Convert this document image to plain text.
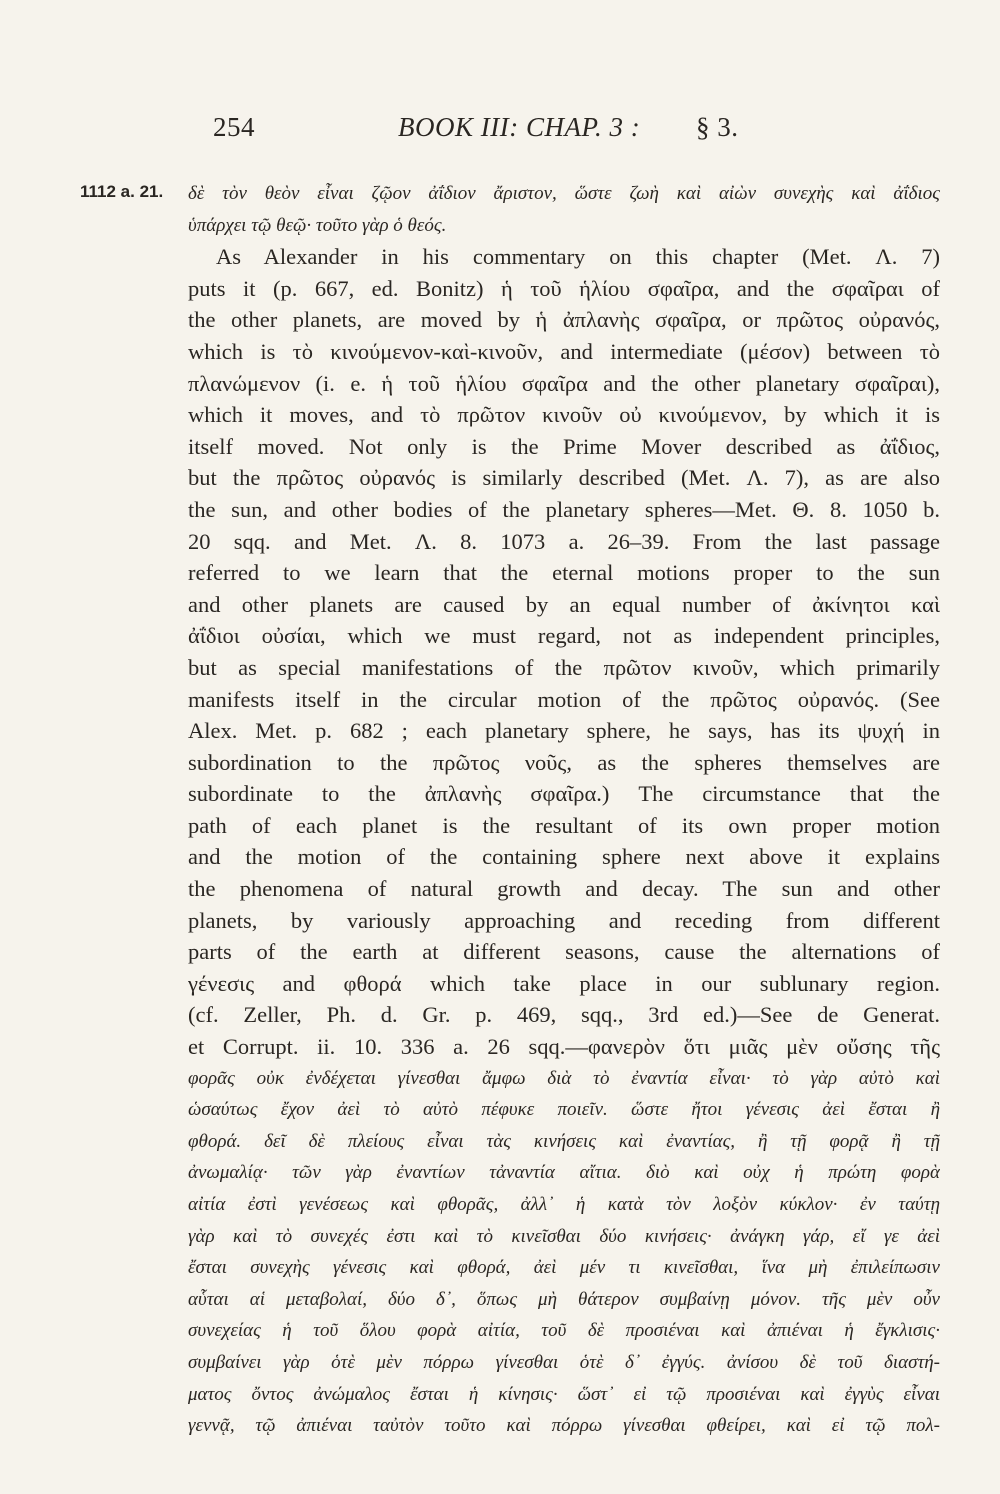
254	BOOK III: CHAP. 3 : § 3.
1112 a. 21. δὲ τὸν θεὸν εἶναι ζῷον ἀΐδιον ἄριστον, ὥστε ζωὴ καὶ αἰὼν συνεχὴς καὶ ἀΐδιος
ὑπάρχει τῷ θεῷ· τοῦτο γὰρ ὁ θεός.
As Alexander in his commentary on this chapter (Met. Λ. 7)
puts it (p. 667, ed. Bonitz) ἡ τοῦ ἡλίου σφαῖρα, and the σφαῖραι of
the other planets, are moved by ἡ ἀπλανὴς σφαῖρα, or πρῶτος οὐρανός,
which is τὸ κινούμενον-καὶ-κινοῦν, and intermediate (μέσον) between τὸ
πλανώμενον (i. e. ἡ τοῦ ἡλίου σφαῖρα and the other planetary σφαῖραι),
which it moves, and τὸ πρῶτον κινοῦν οὐ κινούμενον, by which it is
itself moved. Not only is the Prime Mover described as ἀΐδιος,
but the πρῶτος οὐρανός is similarly described (Met. Λ. 7), as are also
the sun, and other bodies of the planetary spheres—Met. Θ. 8. 1050 b.
20 sqq. and Met. Λ. 8. 1073 a. 26–39. From the last passage
referred to we learn that the eternal motions proper to the sun
and other planets are caused by an equal number of ἀκίνητοι καὶ
ἀΐδιοι οὐσίαι, which we must regard, not as independent principles,
but as special manifestations of the πρῶτον κινοῦν, which primarily
manifests itself in the circular motion of the πρῶτος οὐρανός. (See
Alex. Met. p. 682 ; each planetary sphere, he says, has its ψυχή in
subordination to the πρῶτος νοῦς, as the spheres themselves are
subordinate to the ἀπλανὴς σφαῖρα.) The circumstance that the
path of each planet is the resultant of its own proper motion
and the motion of the containing sphere next above it explains
the phenomena of natural growth and decay. The sun and other
planets, by variously approaching and receding from different
parts of the earth at different seasons, cause the alternations of
γένεσις and φθορά which take place in our sublunary region.
(cf. Zeller, Ph. d. Gr. p. 469, sqq., 3rd ed.)—See de Generat.
et Corrupt. ii. 10. 336 a. 26 sqq.—φανερὸν ὅτι μιᾶς μὲν οὔσης τῆς
φορᾶς οὐκ ἐνδέχεται γίνεσθαι ἄμφω διὰ τὸ ἐναντία εἶναι· τὸ γὰρ αὐτὸ καὶ
ὡσαύτως ἔχον ἀεὶ τὸ αὐτὸ πέφυκε ποιεῖν. ὥστε ἤτοι γένεσις ἀεὶ ἔσται ἢ
φθορά. δεῖ δὲ πλείους εἶναι τὰς κινήσεις καὶ ἐναντίας, ἢ τῇ φορᾷ ἢ τῇ
ἀνωμαλίᾳ· τῶν γὰρ ἐναντίων τἀναντία αἴτια. διὸ καὶ οὐχ ἡ πρώτη φορὰ
αἰτία ἐστὶ γενέσεως καὶ φθορᾶς, ἀλλ᾽ ἡ κατὰ τὸν λοξὸν κύκλον· ἐν ταύτῃ
γὰρ καὶ τὸ συνεχές ἐστι καὶ τὸ κινεῖσθαι δύο κινήσεις· ἀνάγκη γάρ, εἴ γε ἀεὶ
ἔσται συνεχὴς γένεσις καὶ φθορά, ἀεὶ μέν τι κινεῖσθαι, ἵνα μὴ ἐπιλείπωσιν
αὗται αἱ μεταβολαί, δύο δ᾽, ὅπως μὴ θάτερον συμβαίνῃ μόνον. τῆς μὲν οὖν
συνεχείας ἡ τοῦ ὅλου φορὰ αἰτία, τοῦ δὲ προσιέναι καὶ ἀπιέναι ἡ ἔγκλισις·
συμβαίνει γὰρ ὁτὲ μὲν πόρρω γίνεσθαι ὁτὲ δ᾽ ἐγγύς. ἀνίσου δὲ τοῦ διαστή-
ματος ὄντος ἀνώμαλος ἔσται ἡ κίνησις· ὥστ᾽ εἰ τῷ προσιέναι καὶ ἐγγὺς εἶναι
γεννᾷ, τῷ ἀπιέναι ταὐτὸν τοῦτο καὶ πόρρω γίνεσθαι φθείρει, καὶ εἰ τῷ πολ-
